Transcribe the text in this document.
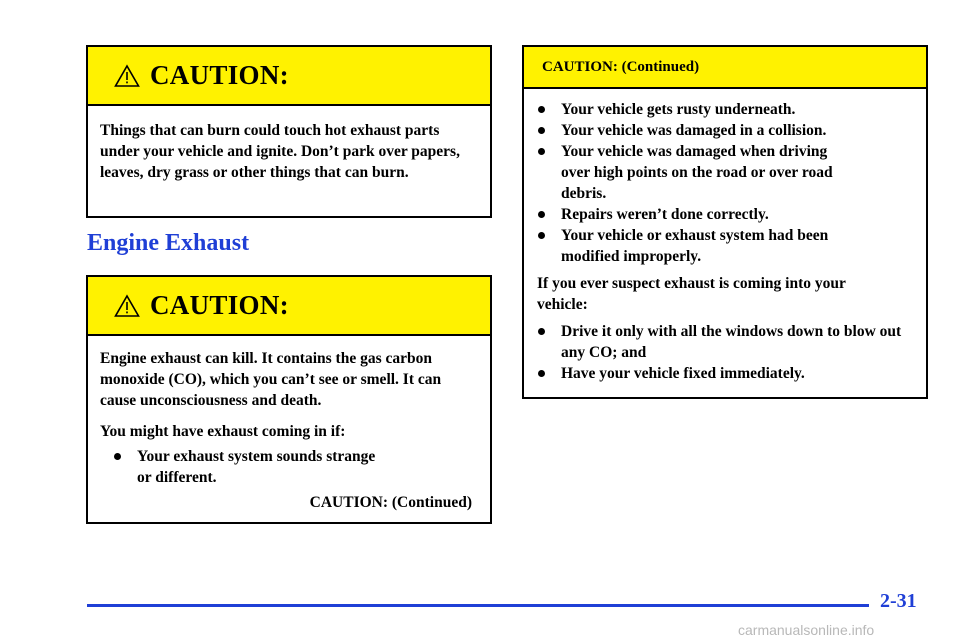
CAUTION:

Things that can burn could touch hot exhaust parts under your vehicle and ignite. Don’t park over papers, leaves, dry grass or other things that can burn.

Engine Exhaust
CAUTION:

Engine exhaust can kill. It contains the gas carbon monoxide (CO), which you can’t see or smell. It can cause unconsciousness and death.

You might have exhaust coming in if:

Your exhaust system sounds strange or different.
CAUTION: (Continued)
CAUTION: (Continued)
Your vehicle gets rusty underneath.
Your vehicle was damaged in a collision.
Your vehicle was damaged when driving over high points on the road or over road debris.
Repairs weren’t done correctly.
Your vehicle or exhaust system had been modified improperly.

If you ever suspect exhaust is coming into your vehicle:

Drive it only with all the windows down to blow out any CO; and
Have your vehicle fixed immediately.
2-31
carmanualsonline.info
